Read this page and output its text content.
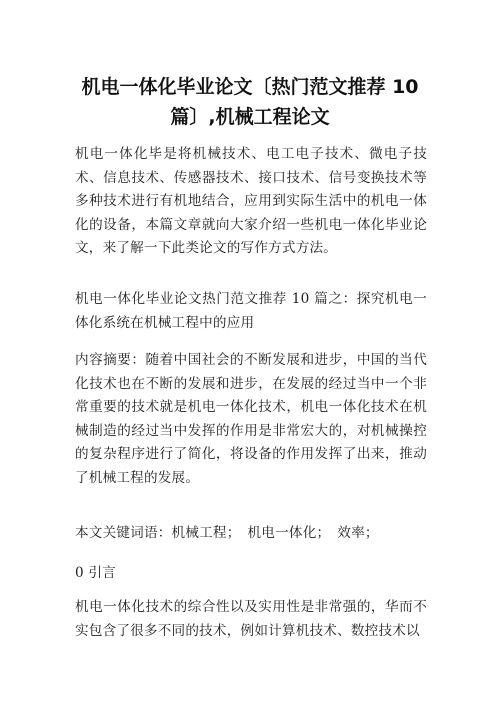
机电一体化毕业论文〔热门范文推荐 10 篇〕,机械工程论文

机电一体化毕是将机械技术、电工电子技术、微电子技术、信息技术、传感器技术、接口技术、信号变换技术等多种技术进行有机地结合，应用到实际生活中的机电一体化的设备，本篇文章就向大家介绍一些机电一体化毕业论文，来了解一下此类论文的写作方式方法。

机电一体化毕业论文热门范文推荐 10 篇之：探究机电一体化系统在机械工程中的应用

内容摘要：随着中国社会的不断发展和进步，中国的当代化技术也在不断的发展和进步，在发展的经过当中一个非常重要的技术就是机电一体化技术，机电一体化技术在机械制造的经过当中发挥的作用是非常宏大的，对机械操控的复杂程序进行了简化，将设备的作用发挥了出来，推动了机械工程的发展。

本文关键词语：机械工程；　机电一体化；　效率；

0 引言

机电一体化技术的综合性以及实用性是非常强的，华而不实包含了很多不同的技术，例如计算机技术、数控技术以
